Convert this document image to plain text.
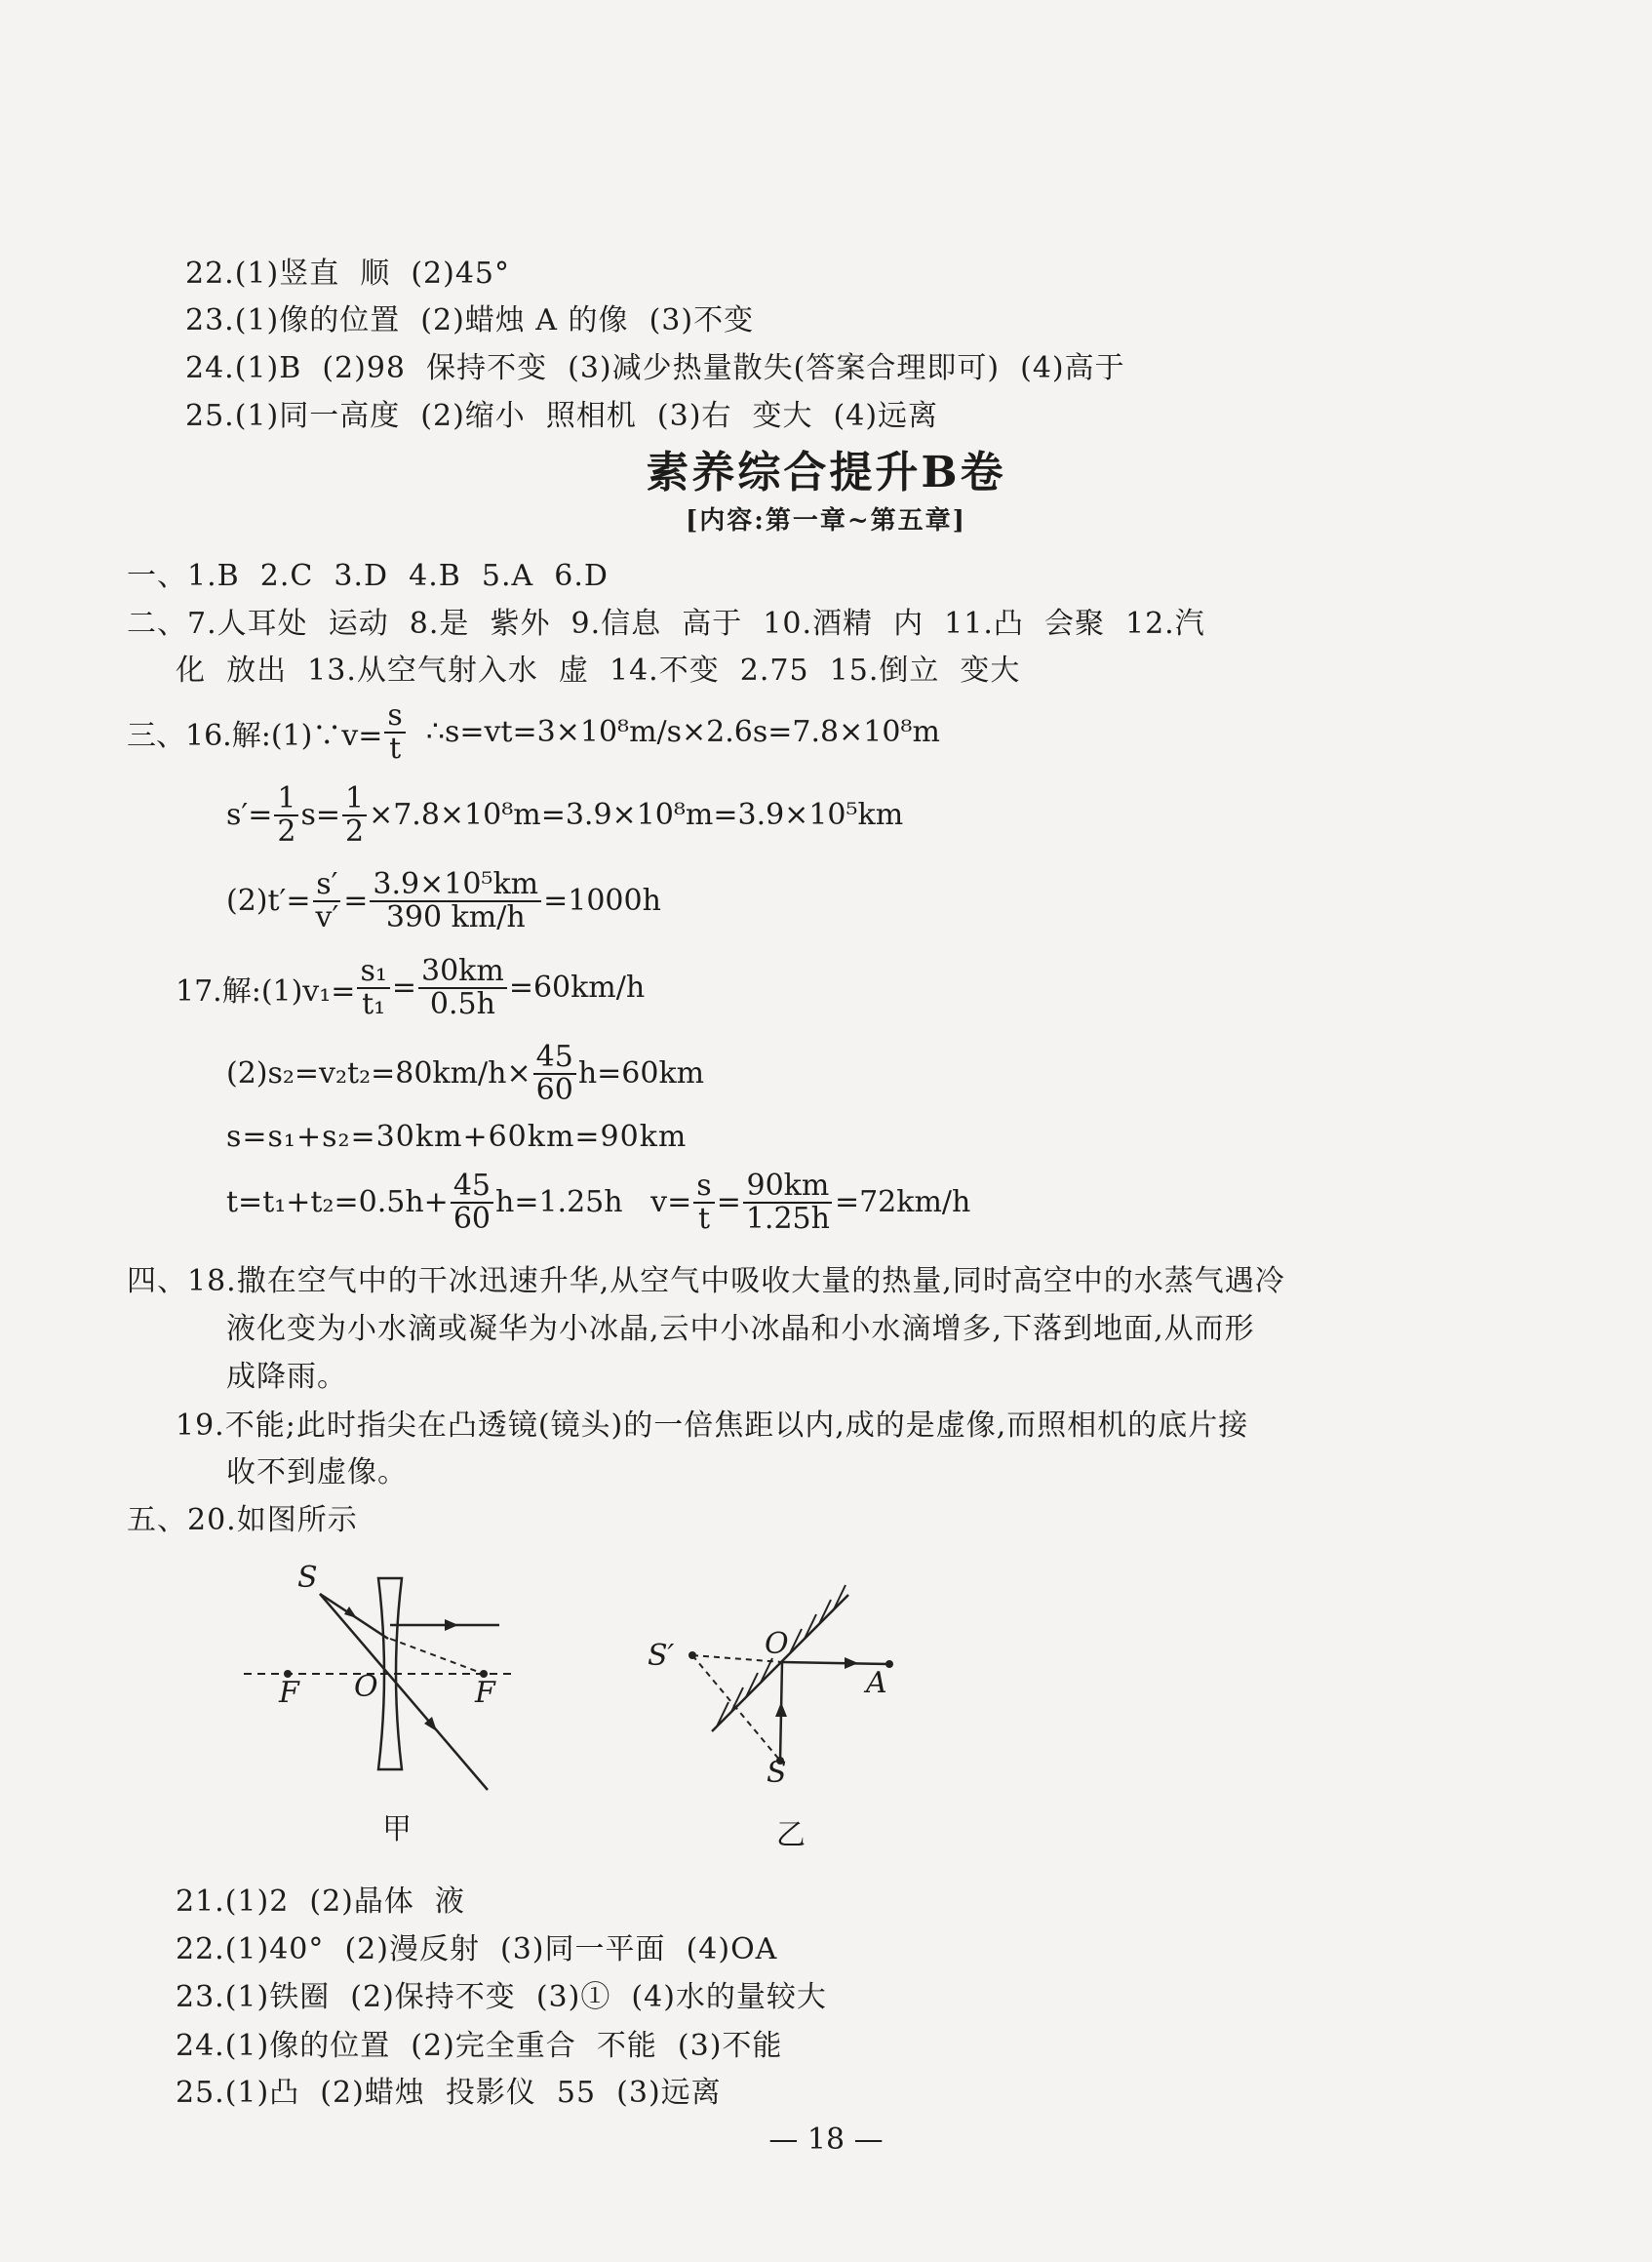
22.(1)竖直  顺  (2)45°
23.(1)像的位置  (2)蜡烛 A 的像  (3)不变
24.(1)B  (2)98  保持不变  (3)减少热量散失(答案合理即可)  (4)高于
25.(1)同一高度  (2)缩小  照相机  (3)右  变大  (4)远离
素养综合提升B卷
[内容:第一章~第五章]
一、1.B  2.C  3.D  4.B  5.A  6.D
二、7.人耳处  运动  8.是  紫外  9.信息  高于  10.酒精  内  11.凸  会聚  12.汽
化  放出  13.从空气射入水  虚  14.不变  2.75  15.倒立  变大
三、16.解:(1)∵v= $\frac{s}{t}$ ∴s=vt=3×10⁸m/s×2.6s=7.8×10⁸m
$s'= \frac{1}{2} s= \frac{1}{2} \times 7.8\times 10^8m=3.9\times 10^8m=3.9\times 10^5km$
$(2)t'= \frac{s'}{v'} = \frac{\text{3.9×10⁵km}}{390 km/h} =1000h$
17.解:(1)v₁= $\frac{\text{s₁}}{\text{t₁}} = \frac{30km}{0.5h} =60km/h$
$(2)s_2=v_2t_2=80km/h\times \frac{45}{60} h=60km$
s=s₁+s₂=30km+60km=90km
$t=t_1+t_2=0.5h+ \frac{45}{60} h=1.25h$   $v= \frac{s}{t} = \frac{90km}{1.25h} =72km/h$
四、18.撒在空气中的干冰迅速升华,从空气中吸收大量的热量,同时高空中的水蒸气遇冷
液化变为小水滴或凝华为小冰晶,云中小冰晶和小水滴增多,下落到地面,从而形
成降雨。
19.不能;此时指尖在凸透镜(镜头)的一倍焦距以内,成的是虚像,而照相机的底片接
收不到虚像。
五、20.如图所示
S
F O	F
甲
S′	O
A
S
乙
21.(1)2  (2)晶体  液
22.(1)40°  (2)漫反射  (3)同一平面  (4)OA
23.(1)铁圈  (2)保持不变  (3)①  (4)水的量较大
24.(1)像的位置  (2)完全重合  不能  (3)不能
25.(1)凸  (2)蜡烛  投影仪  55  (3)远离
— 18 —
